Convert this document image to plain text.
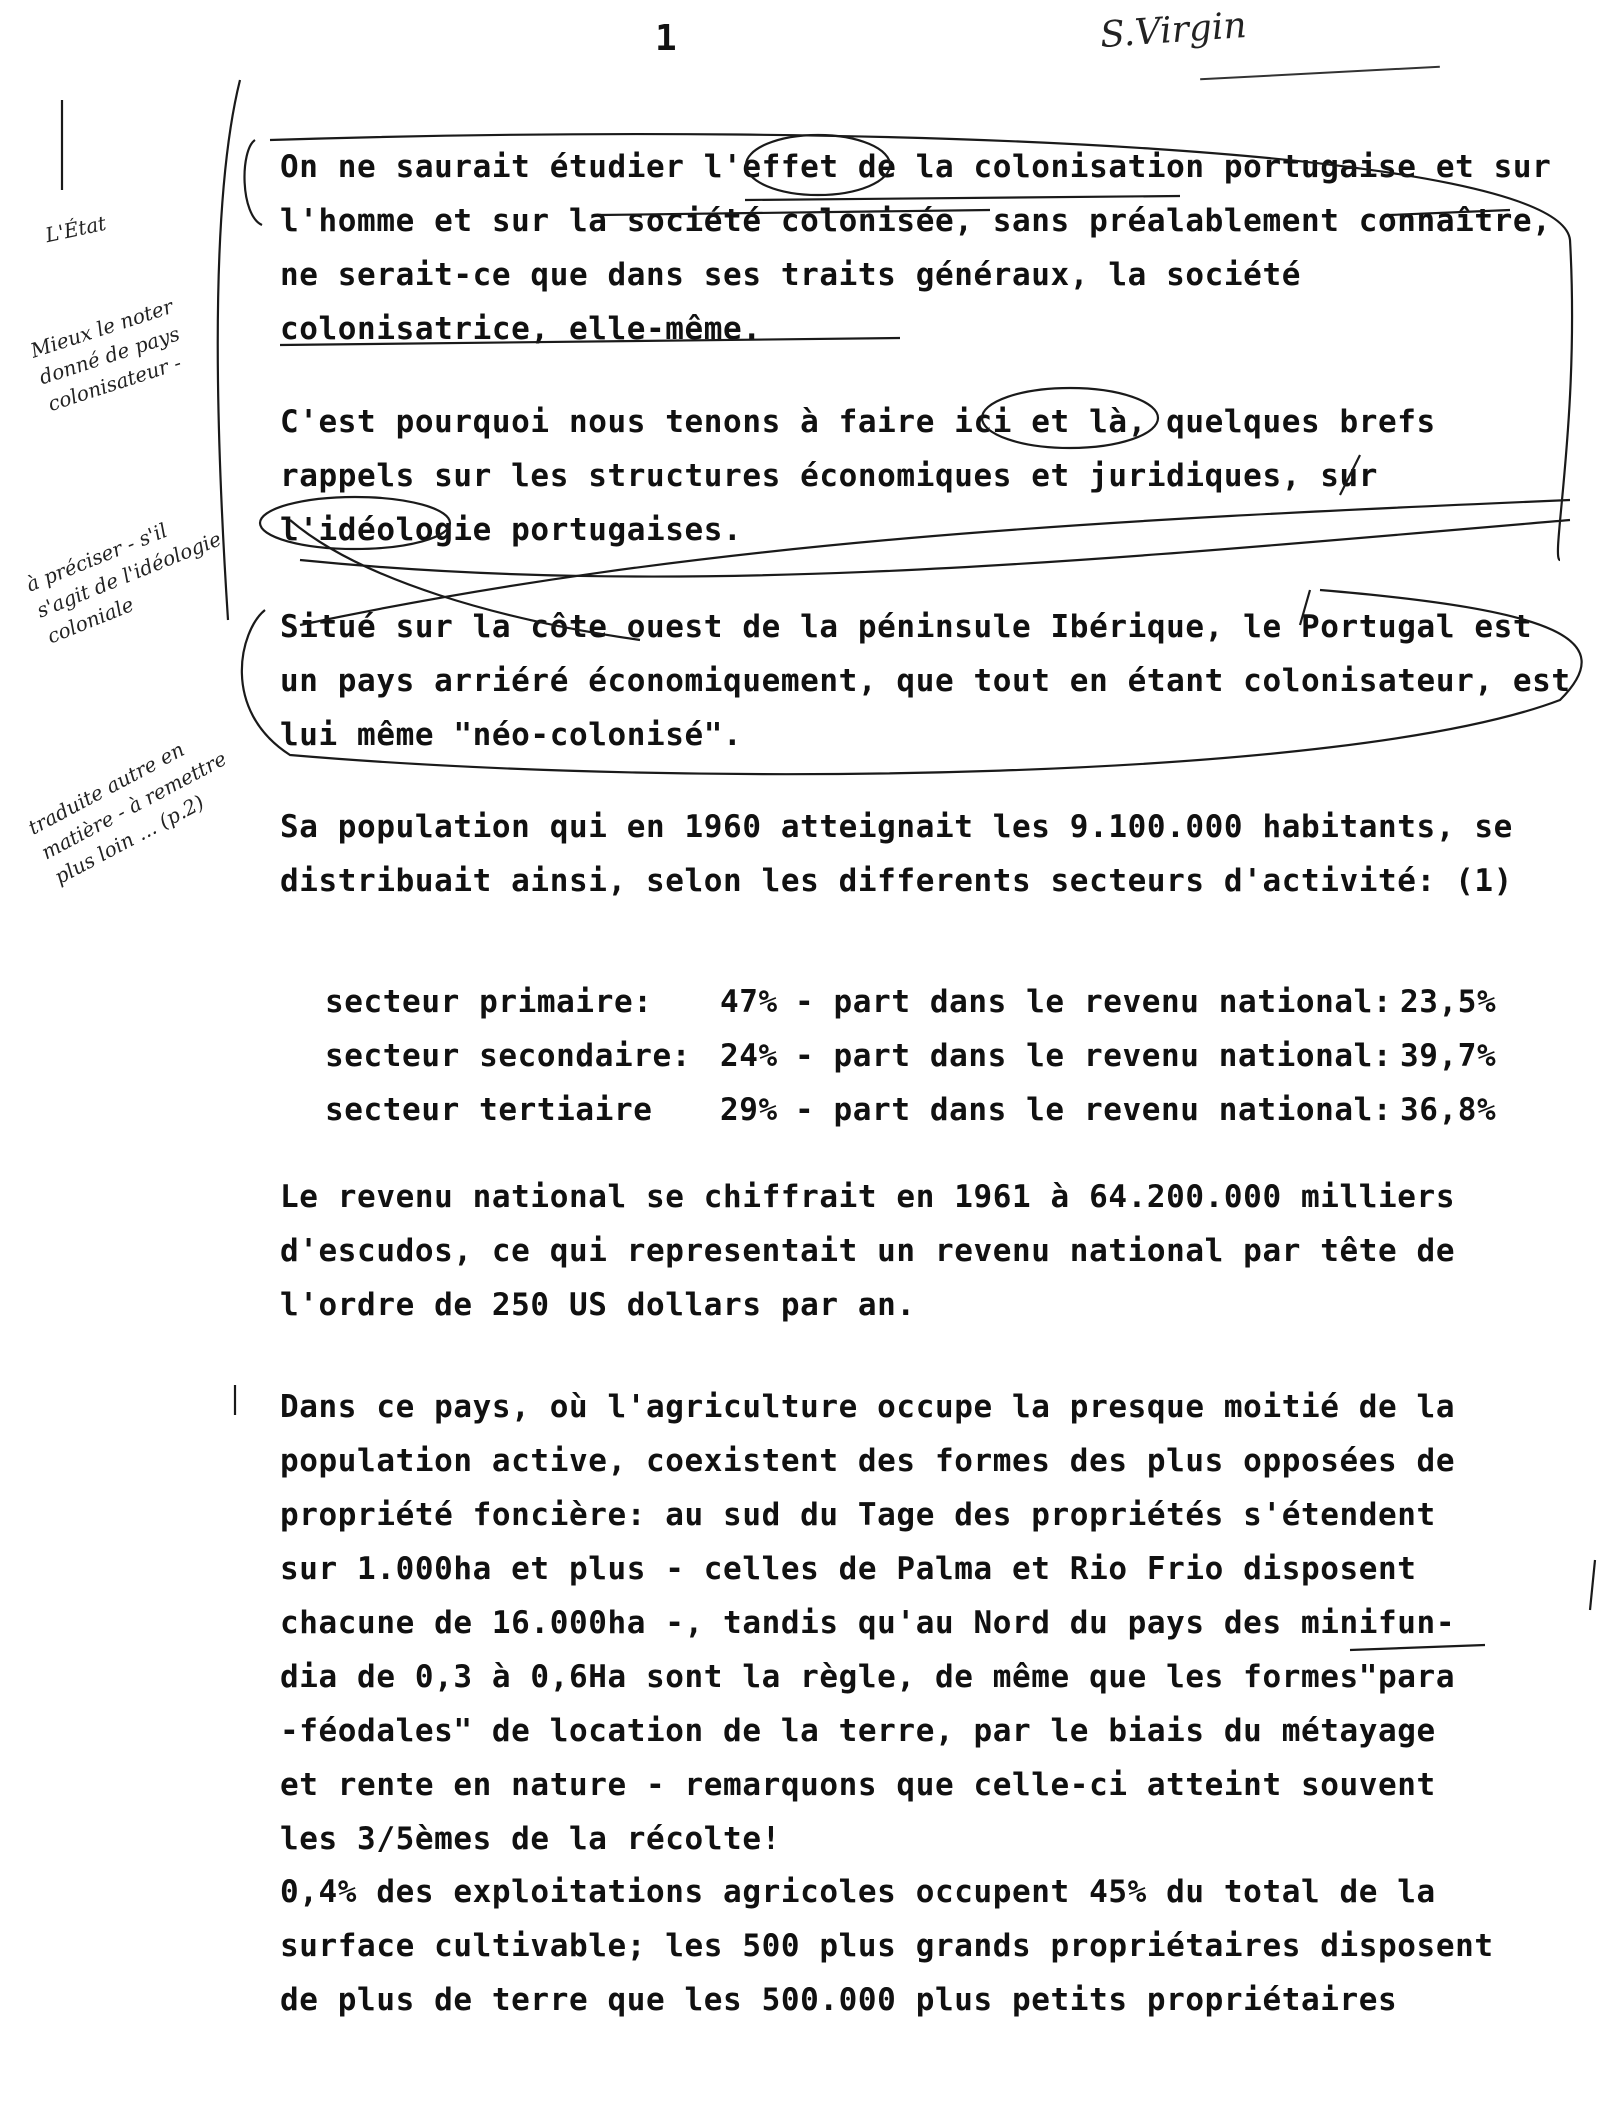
1	S.Virgin
L'État
Mieux le noter donné de pays colonisateur -
à préciser - s'il s'agit de l'idéologie coloniale
traduite autre en matière - à remettre plus loin ... (p.2)
On ne saurait étudier l'effet de la colonisation portugaise et sur l'homme et sur la société colonisée, sans préalablement connaître, ne serait-ce que dans ses traits généraux, la société colonisatrice, elle-même.
C'est pourquoi nous tenons à faire ici et là, quelques brefs rappels sur les structures économiques et juridiques, sur l'idéologie portugaises.
Situé sur la côte ouest de la péninsule Ibérique, le Portugal est un pays arriéré économiquement, que tout en étant colonisateur, est lui même "néo-colonisé".
Sa population qui en 1960 atteignait les 9.100.000 habitants, se distribuait ainsi, selon les differents secteurs d'activité: (1)
secteur primaire:	47% - part dans le revenu national: 23,5%
secteur secondaire: 24% - part dans le revenu national: 39,7%
secteur tertiaire	29% - part dans le revenu national: 36,8%
Le revenu national se chiffrait en 1961 à 64.200.000 milliers d'escudos, ce qui representait un revenu national par tête de l'ordre de 250 US dollars par an.
Dans ce pays, où l'agriculture occupe la presque moitié de la
population active, coexistent des formes des plus opposées de
propriété foncière: au sud du Tage des propriétés s'étendent
sur 1.000ha et plus - celles de Palma et Rio Frio disposent
chacune de 16.000ha -, tandis qu'au Nord du pays des minifun-
dia de 0,3 à 0,6Ha sont la règle, de même que les formes"para
-féodales" de location de la terre, par le biais du métayage
et rente en nature - remarquons que celle-ci atteint souvent
les 3/5èmes de la récolte!
0,4% des exploitations agricoles occupent 45% du total de la
surface cultivable; les 500 plus grands propriétaires disposent
de plus de terre que les 500.000 plus petits propriétaires
